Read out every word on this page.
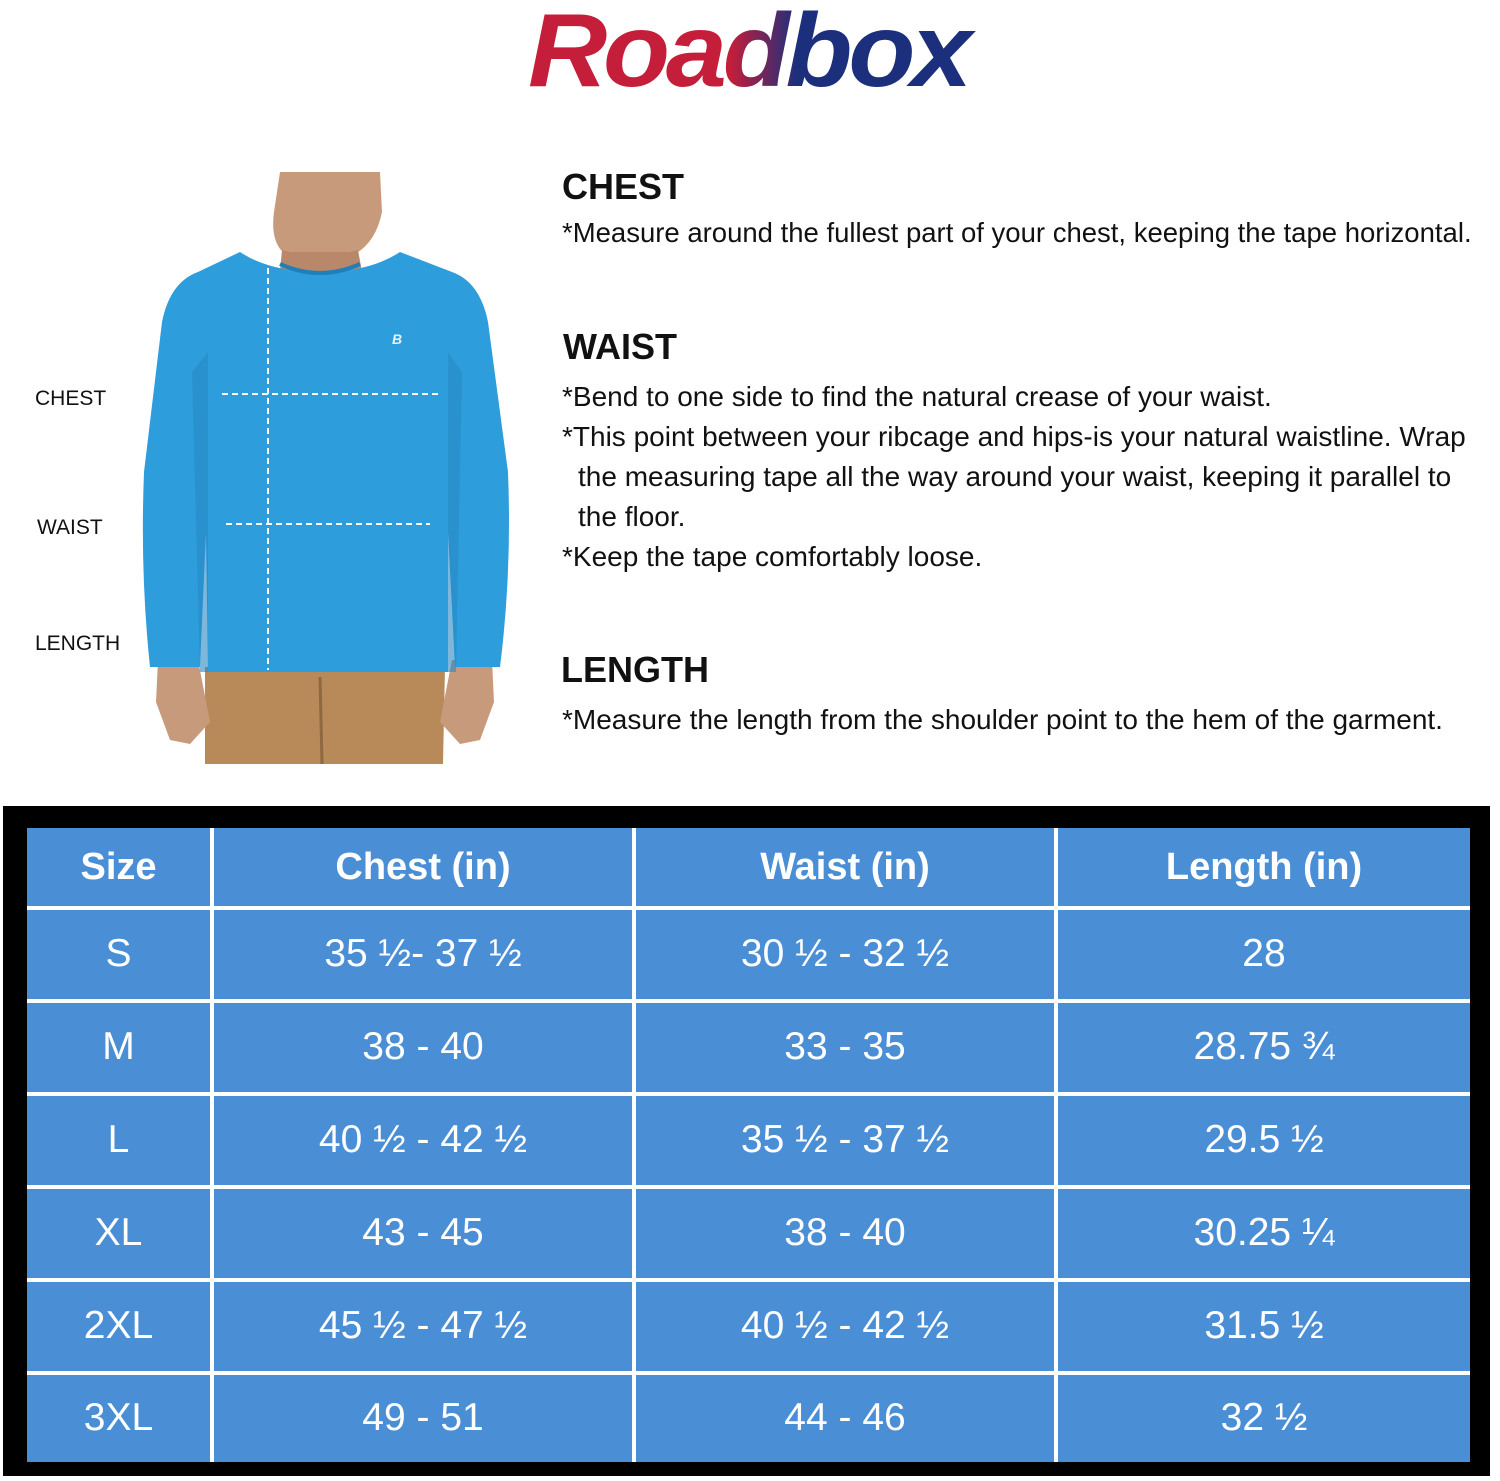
Roadbox
B
CHEST
WAIST
LENGTH
CHEST
*Measure around the fullest part of your chest, keeping the tape horizontal.
WAIST
*Bend to one side to find the natural crease of your waist.
*This point between your ribcage and hips-is your natural waistline. Wrap
the measuring tape all the way around your waist, keeping it parallel to
the floor.
*Keep the tape comfortably loose.
LENGTH
*Measure the length from the shoulder point to the hem of the garment.
Size	Chest (in)	Waist (in)	Length (in)
S	35 ½- 37 ½	30 ½ - 32 ½	28
M	38 - 40	33 - 35	28.75 ¾
L	40 ½ - 42 ½	35 ½ - 37 ½	29.5 ½
XL	43 - 45	38 - 40	30.25 ¼
2XL	45 ½ - 47 ½	40 ½ - 42 ½	31.5 ½
3XL	49 - 51	44 - 46	32 ½
